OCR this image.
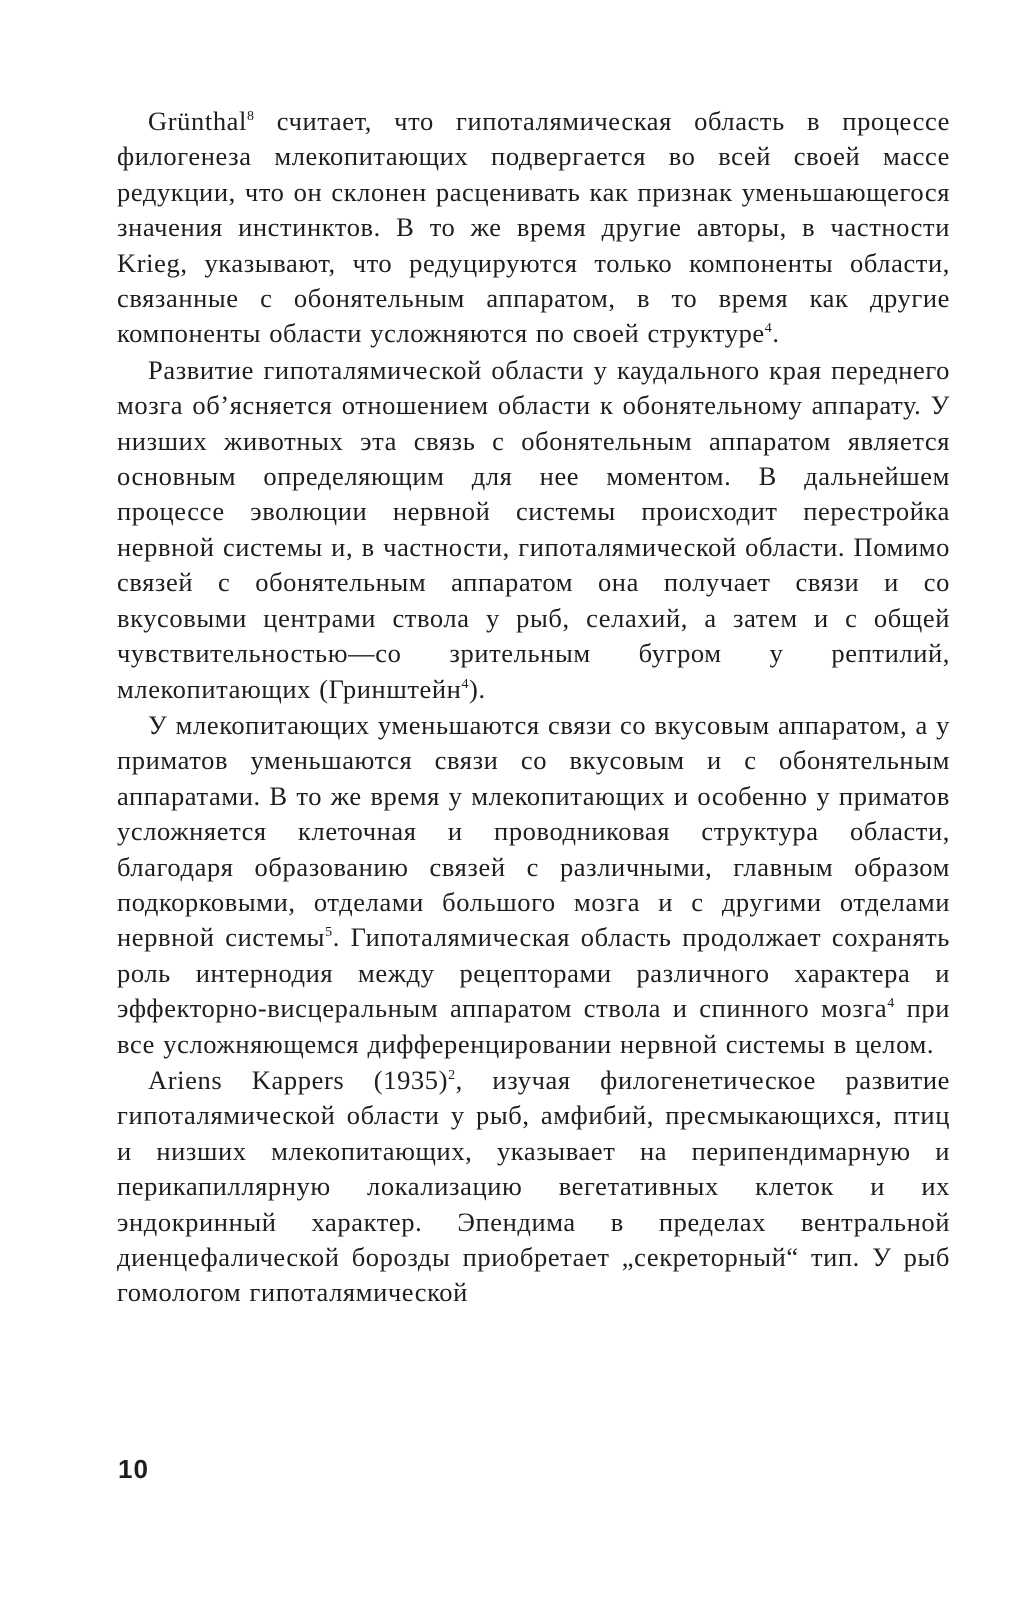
Grünthal$^8$ считает, что гипоталямическая область в процессе филогенеза млекопитающих подвергается во всей своей массе редукции, что он склонен расценивать как признак уменьшающегося значения инстинктов. В то же время другие авторы, в частности Krieg, указывают, что редуцируются только компоненты области, связанные с обонятельным аппаратом, в то время как другие компоненты области усложняются по своей структуре$^4$.

Развитие гипоталямической области у каудального края переднего мозга об’ясняется отношением области к обонятельному аппарату. У низших животных эта связь с обонятельным аппаратом является основным определяющим для нее моментом. В дальнейшем процессе эволюции нервной системы происходит перестройка нервной системы и, в частности, гипоталямической области. Помимо связей с обонятельным аппаратом она получает связи и со вкусовыми центрами ствола у рыб, селахий, а затем и с общей чувствительностью—со зрительным бугром у рептилий, млекопитающих (Гринштейн$^4$).

У млекопитающих уменьшаются связи со вкусовым аппаратом, а у приматов уменьшаются связи со вкусовым и с обонятельным аппаратами. В то же время у млекопитающих и особенно у приматов усложняется клеточная и проводниковая структура области, благодаря образованию связей с различными, главным образом подкорковыми, отделами большого мозга и с другими отделами нервной системы$^5$. Гипоталямическая область продолжает сохранять роль интернодия между рецепторами различного характера и эффекторно-висцеральным аппаратом ствола и спинного мозга$^4$ при все усложняющемся дифференцировании нервной системы в целом.

Ariens Kappers $(1935)^2$, изучая филогенетическое развитие гипоталямической области у рыб, амфибий, пресмыкающихся, птиц и низших млекопитающих, указывает на перипендимарную и перикапиллярную локализацию вегетативных клеток и их эндокринный характер. Эпендима в пределах вентральной диенцефалической борозды приобретает „секреторный“ тип. У рыб гомологом гипоталямической

10
